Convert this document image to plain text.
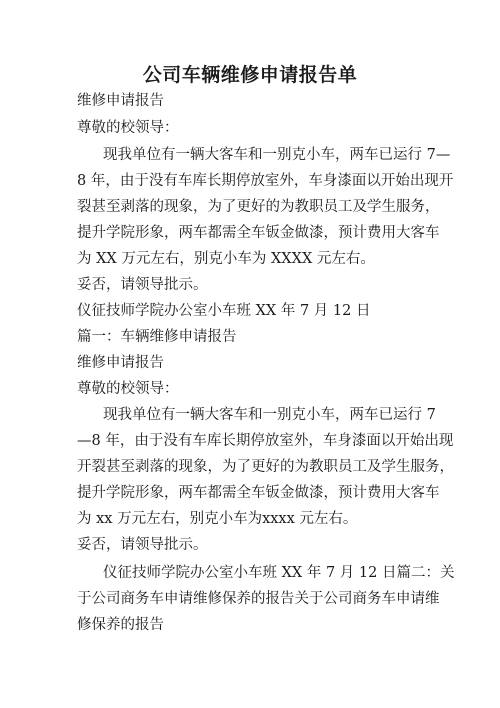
公司车辆维修申请报告单
维修申请报告
尊敬的校领导：
现我单位有一辆大客车和一别克小车，两车已运行 7—
8 年，由于没有车库长期停放室外，车身漆面以开始出现开
裂甚至剥落的现象，为了更好的为教职员工及学生服务，
提升学院形象，两车都需全车钣金做漆，预计费用大客车
为 XX 万元左右，别克小车为 XXXX 元左右。
妥否，请领导批示。
仪征技师学院办公室小车班 XX 年 7 月 12 日
篇一：车辆维修申请报告
维修申请报告
尊敬的校领导：
现我单位有一辆大客车和一别克小车，两车已运行 7
—8 年，由于没有车库长期停放室外，车身漆面以开始出现
开裂甚至剥落的现象，为了更好的为教职员工及学生服务，
提升学院形象，两车都需全车钣金做漆，预计费用大客车
为 xx 万元左右，别克小车为xxxx 元左右。
妥否，请领导批示。
仪征技师学院办公室小车班 XX 年 7 月 12 日篇二：关
于公司商务车申请维修保养的报告关于公司商务车申请维
修保养的报告
